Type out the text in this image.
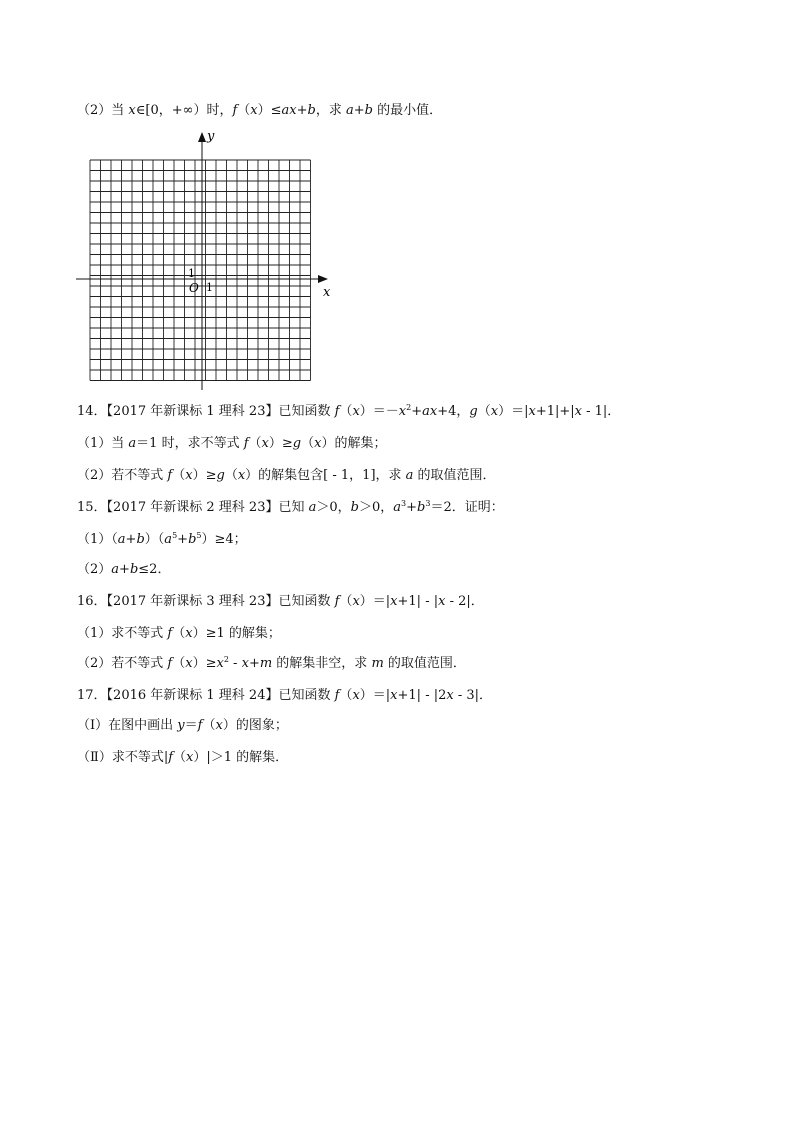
（2）当 x∈[0，+∞）时，f（x）≤ax+b，求 a+b 的最小值．
14．【2017 年新课标 1 理科 23】已知函数 $f(x)=-x^2+ax+4$，g（x）＝|x+1|+|x - 1|．
（1）当 a＝1 时，求不等式 f（x）≥g（x）的解集；
（2）若不等式 f（x）≥g（x）的解集包含[ - 1，1]，求 a 的取值范围．
15．【2017 年新课标 2 理科 23】已知 a＞0，b＞0，$a^3+b^3=2$．证明：
$(1)(a+b)(a^5+b^5)\ge 4$；
（2）a+b≤2．
16．【2017 年新课标 3 理科 23】已知函数 f（x）＝|x+1| - |x - 2|．
（1）求不等式 f（x）≥1 的解集；
（2）若不等式 $f(x)\ge x^2 - x+m$ 的解集非空，求 m 的取值范围．
17．【2016 年新课标 1 理科 24】已知函数 f（x）＝|x+1| - |2x - 3|．
（Ⅰ）在图中画出 y＝f（x）的图象；
（Ⅱ）求不等式|f（x）|＞1 的解集．
x
y
O 1
1
